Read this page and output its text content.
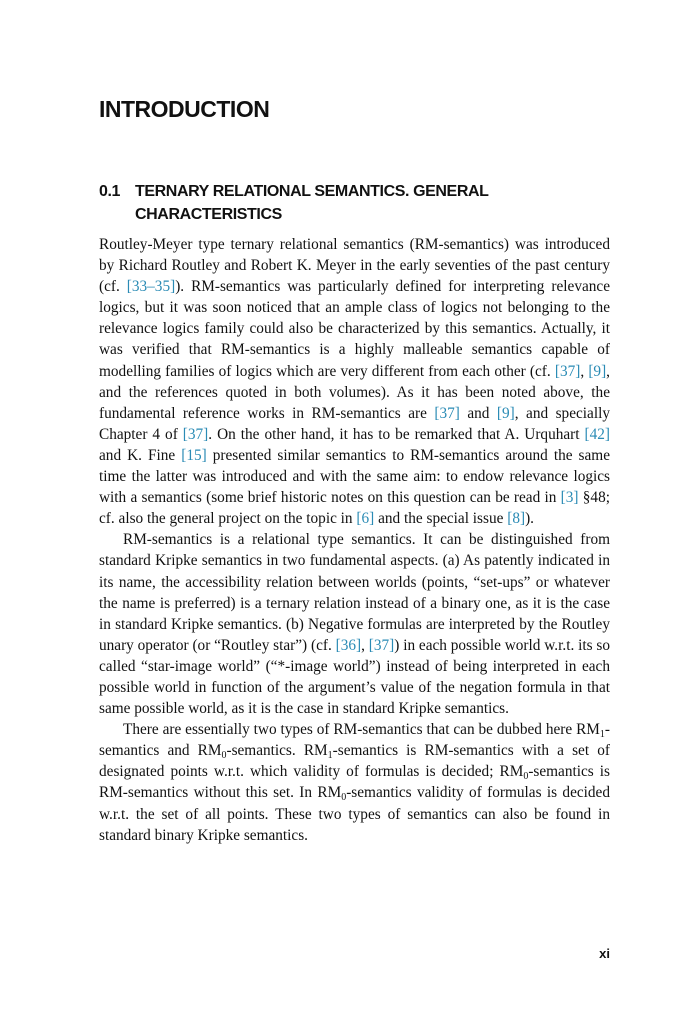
INTRODUCTION
0.1 TERNARY RELATIONAL SEMANTICS. GENERAL CHARACTERISTICS

Routley-Meyer type ternary relational semantics (RM-semantics) was introduced by Richard Routley and Robert K. Meyer in the early seventies of the past century (cf. [33–35]). RM-semantics was particularly defined for interpreting relevance logics, but it was soon noticed that an ample class of logics not belonging to the relevance logics family could also be characterized by this semantics. Actually, it was verified that RM-semantics is a highly malleable semantics capable of modelling families of logics which are very different from each other (cf. [37], [9], and the references quoted in both volumes). As it has been noted above, the fundamental reference works in RM-semantics are [37] and [9], and specially Chapter 4 of [37]. On the other hand, it has to be remarked that A. Urquhart [42] and K. Fine [15] presented similar semantics to RM-semantics around the same time the latter was introduced and with the same aim: to endow relevance logics with a semantics (some brief historic notes on this question can be read in [3] §48; cf. also the general project on the topic in [6] and the special issue [8]).

RM-semantics is a relational type semantics. It can be distinguished from standard Kripke semantics in two fundamental aspects. (a) As patently indicated in its name, the accessibility relation between worlds (points, “set-ups” or whatever the name is preferred) is a ternary relation instead of a binary one, as it is the case in standard Kripke semantics. (b) Negative formulas are interpreted by the Routley unary operator (or “Routley star”) (cf. [36], [37]) in each possible world w.r.t. its so called “star-image world” (“*-image world”) instead of being interpreted in each possible world in function of the argument’s value of the negation formula in that same possible world, as it is the case in standard Kripke semantics.

There are essentially two types of RM-semantics that can be dubbed here $RM_1$-semantics and $RM_0$-semantics. $RM_1$-semantics is RM-semantics with a set of designated points w.r.t. which validity of formulas is decided; $RM_0$-semantics is RM-semantics without this set. In $RM_0$-semantics validity of formulas is decided w.r.t. the set of all points. These two types of semantics can also be found in standard binary Kripke semantics.

xi
